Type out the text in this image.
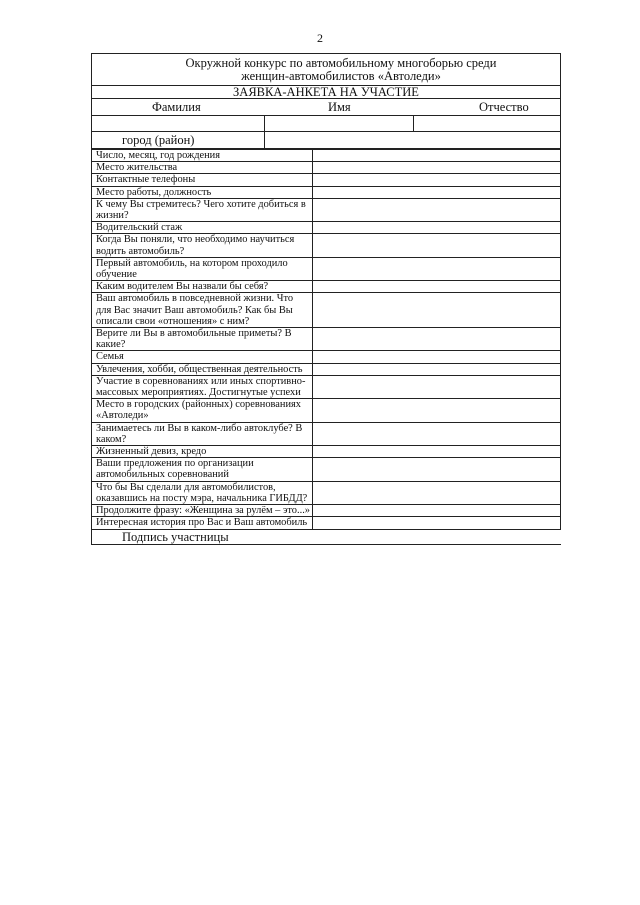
2
Окружной конкурс по автомобильному многоборью среди
женщин-автомобилистов «Автоледи»
ЗАЯВКА-АНКЕТА НА УЧАСТИЕ
Фамилия	Имя	Отчество
город (район)
Число, месяц, год рождения	
Место жительства	
Контактные телефоны	
Место работы, должность	
К чему Вы стремитесь? Чего хотите добиться в жизни?	
Водительский стаж	
Когда Вы поняли, что необходимо научиться водить автомобиль?	
Первый автомобиль, на котором проходило обучение	
Каким водителем Вы назвали бы себя?	
Ваш автомобиль в повседневной жизни. Что для Вас значит Ваш автомобиль? Как бы Вы описали свои «отношения» с ним?	
Верите ли Вы в автомобильные приметы? В какие?	
Семья	
Увлечения, хобби, общественная деятельность	
Участие в соревнованиях или иных спортивно-массовых мероприятиях. Достигнутые успехи	
Место в городских (районных) соревнованиях «Автоледи»	
Занимаетесь ли Вы в каком-либо автоклубе? В каком?	
Жизненный девиз, кредо	
Ваши предложения по организации автомобильных соревнований	
Что бы Вы сделали для автомобилистов, оказавшись на посту мэра, начальника ГИБДД?	
Продолжите фразу: «Женщина за рулём – это...»	
Интересная история про Вас и Ваш автомобиль	
Подпись участницы
